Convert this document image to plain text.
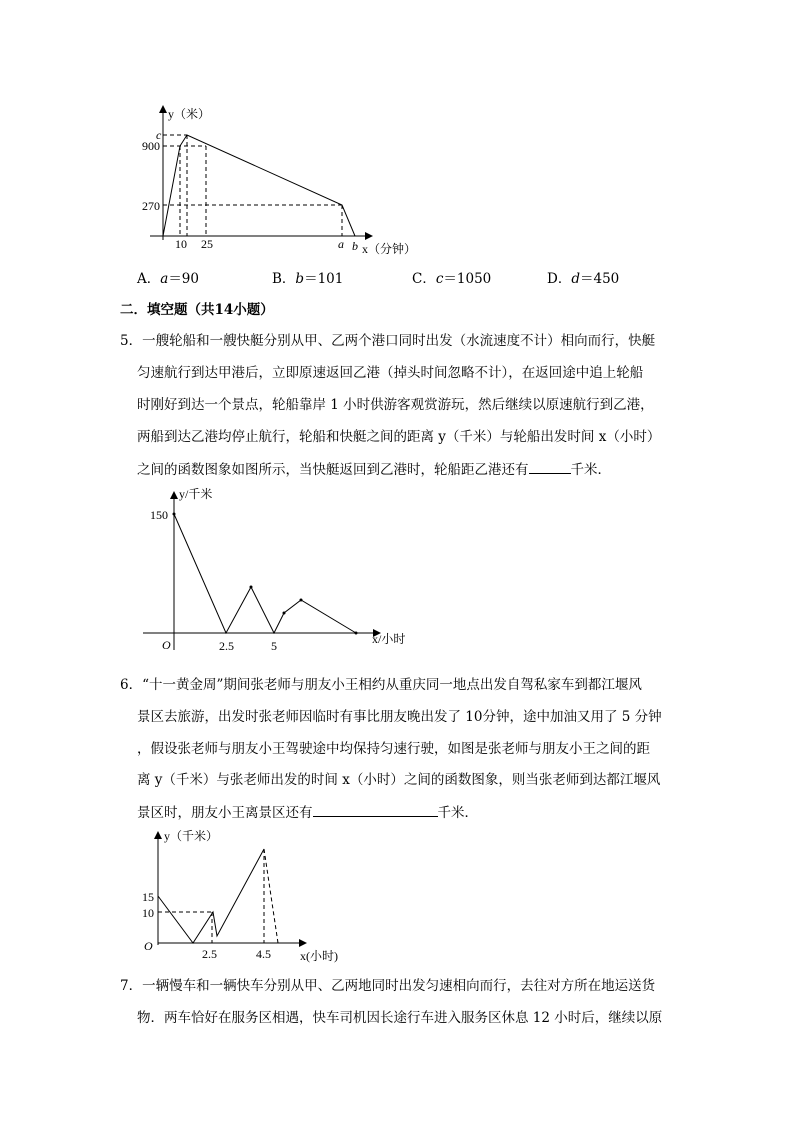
y（米）
c
900
270
10 25	a b x（分钟）
y/千米
150
O	2.5	5	x/小时
y（千米）
15
10
O
2.5	4.5 x(小时)
A．a＝90	B．b＝101	C．c＝1050	D．d＝450
二．填空题（共14小题）
5．一艘轮船和一艘快艇分别从甲、乙两个港口同时出发（水流速度不计）相向而行，快艇
匀速航行到达甲港后，立即原速返回乙港（掉头时间忽略不计），在返回途中追上轮船
时刚好到达一个景点，轮船靠岸 1 小时供游客观赏游玩，然后继续以原速航行到乙港，
两船到达乙港均停止航行，轮船和快艇之间的距离 y（千米）与轮船出发时间 x（小时）
之间的函数图象如图所示，当快艇返回到乙港时，轮船距乙港还有	千米．
6．“十一黄金周”期间张老师与朋友小王相约从重庆同一地点出发自驾私家车到都江堰风
景区去旅游，出发时张老师因临时有事比朋友晚出发了 10分钟，途中加油又用了 5 分钟
，假设张老师与朋友小王驾驶途中均保持匀速行驶，如图是张老师与朋友小王之间的距
离 y（千米）与张老师出发的时间 x（小时）之间的函数图象，则当张老师到达都江堰风
景区时，朋友小王离景区还有	千米．
7．一辆慢车和一辆快车分别从甲、乙两地同时出发匀速相向而行，去往对方所在地运送货
物．两车恰好在服务区相遇，快车司机因长途行车进入服务区休息 12 小时后，继续以原
